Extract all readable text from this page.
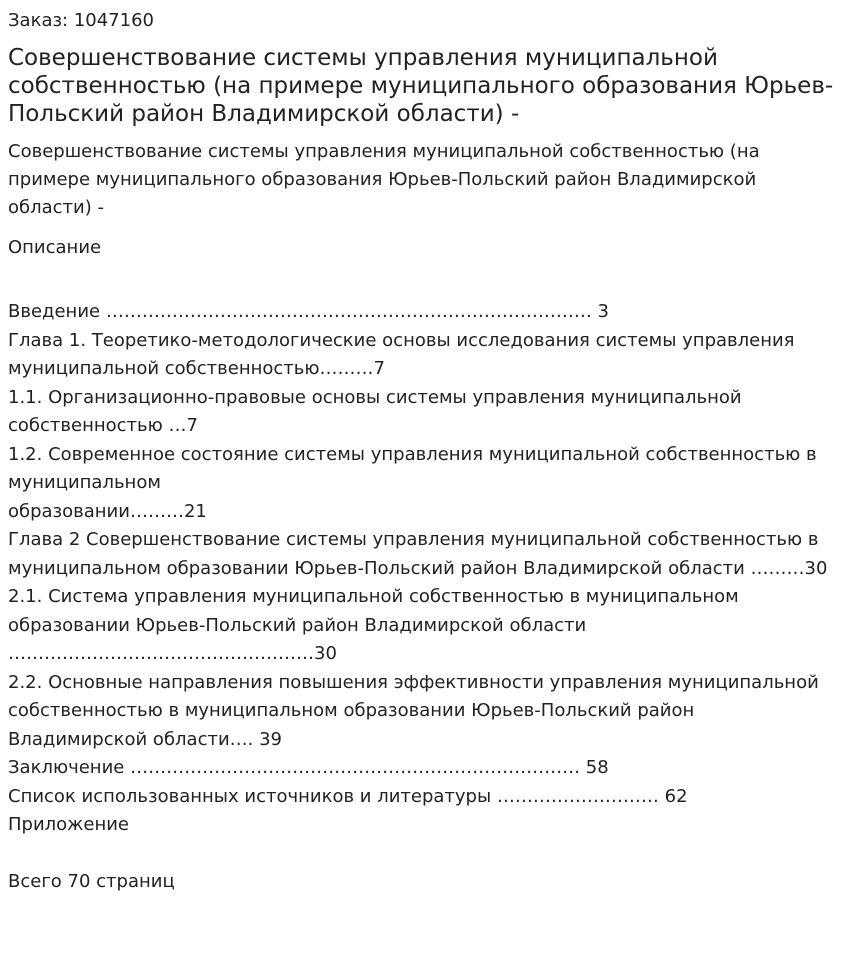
Заказ: 1047160
Совершенствование системы управления муниципальной собственностью (на примере муниципального образования Юрьев-Польский район Владимирской области) -
Совершенствование системы управления муниципальной собственностью (на примере муниципального образования Юрьев-Польский район Владимирской области) -
Описание
Введение ……………………………………………………………………… 3
Глава 1. Теоретико-методологические основы исследования системы управления муниципальной собственностью………7
1.1. Организационно-правовые основы системы управления муниципальной собственностью …7
1.2. Современное состояние системы управления муниципальной собственностью в муниципальном
образовании………21
Глава 2 Совершенствование системы управления муниципальной собственностью в муниципальном образовании Юрьев-Польский район Владимирской области ………30
2.1. Система управления муниципальной собственностью в муниципальном образовании Юрьев-Польский район Владимирской области ……………………………………………30
2.2. Основные направления повышения эффективности управления муниципальной собственностью в муниципальном образовании Юрьев-Польский район Владимирской области…. 39
Заключение ………………………………………………………………… 58
Список использованных источников и литературы ……………………… 62
Приложение
Всего 70 страниц
